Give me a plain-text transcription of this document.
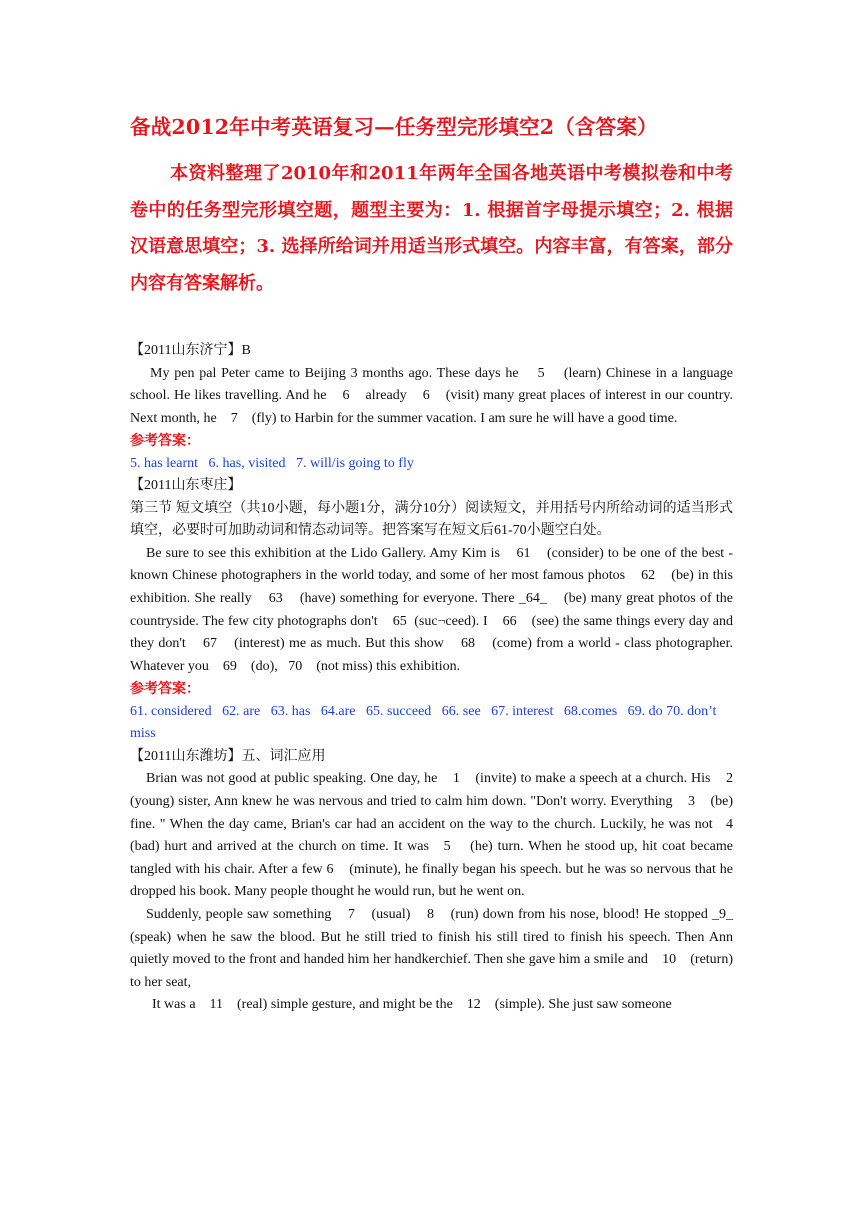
备战2012年中考英语复习—任务型完形填空2（含答案）
本资料整理了2010年和2011年两年全国各地英语中考模拟卷和中考卷中的任务型完形填空题，题型主要为：1. 根据首字母提示填空；2. 根据汉语意思填空；3. 选择所给词并用适当形式填空。内容丰富，有答案，部分内容有答案解析。
【2011山东济宁】B
My pen pal Peter came to Beijing 3 months ago. These days he    5    (learn) Chinese in a language school. He likes travelling. And he    6    already    6    (visit) many great places of interest in our country. Next month, he    7    (fly) to Harbin for the summer vacation. I am sure he will have a good time.
参考答案：
5. has learnt   6. has, visited   7. will/is going to fly
【2011山东枣庄】
第三节 短文填空（共10小题，每小题1分，满分10分）阅读短文，并用括号内所给动词的适当形式填空，必要时可加助动词和情态动词等。把答案写在短文后61-70小题空白处。
Be sure to see this exhibition at the Lido Gallery. Amy Kim is    61    (consider) to be one of the best - known Chinese photographers in the world today, and some of her most famous photos    62    (be) in this exhibition. She really    63    (have) something for everyone. There _64_    (be) many great photos of the countryside. The few city photographs don't    65  (suc¬ceed). I    66    (see) the same things every day and they don't    67    (interest) me as much. But this show    68    (come) from a world - class photographer. Whatever you    69    (do),   70    (not miss) this exhibition.
参考答案：
61. considered   62. are   63. has   64.are   65. succeed   66. see   67. interest   68.comes   69. do 70. don’t miss
【2011山东潍坊】五、词汇应用
Brian was not good at public speaking. One day, he    1    (invite) to make a speech at a church. His    2    (young) sister, Ann knew he was nervous and tried to calm him down. "Don't worry. Everything    3    (be) fine. " When the day came, Brian's car had an accident on the way to the church. Luckily, he was not   4    (bad) hurt and arrived at the church on time. It was   5    (he) turn. When he stood up, hit coat became tangled with his chair. After a few 6    (minute), he finally began his speech. but he was so nervous that he dropped his book. Many people thought he would run, but he went on.
Suddenly, people saw something    7    (usual)    8    (run) down from his nose, blood! He stopped _9_ (speak) when he saw the blood. But he still tried to finish his still tired to finish his speech. Then Ann quietly moved to the front and handed him her handkerchief. Then she gave him a smile and    10    (return) to her seat,
It was a    11    (real) simple gesture, and might be the    12    (simple). She just saw someone
